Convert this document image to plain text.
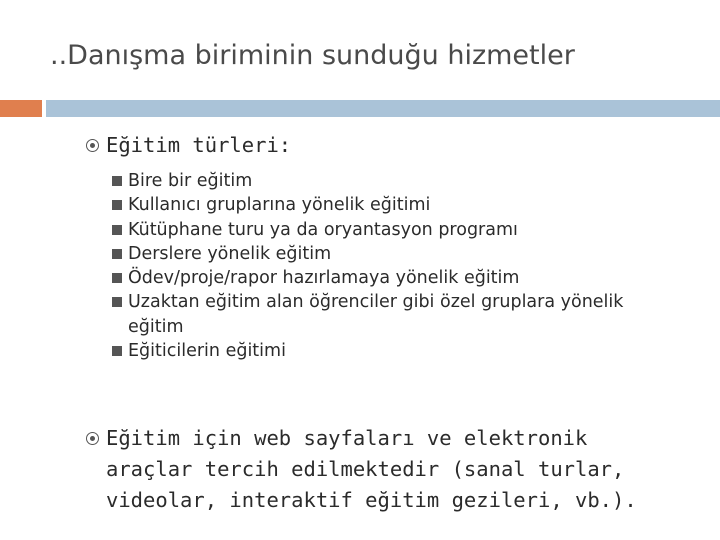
..Danışma biriminin sunduğu hizmetler
Eğitim türleri:
Bire bir eğitim
Kullanıcı gruplarına yönelik eğitimi
Kütüphane turu ya da oryantasyon programı
Derslere yönelik eğitim
Ödev/proje/rapor hazırlamaya yönelik eğitim
Uzaktan eğitim alan öğrenciler gibi özel gruplara yönelik eğitim
Eğiticilerin eğitimi
Eğitim için web sayfaları ve elektronik araçlar tercih edilmektedir (sanal turlar, videolar, interaktif eğitim gezileri, vb.).
